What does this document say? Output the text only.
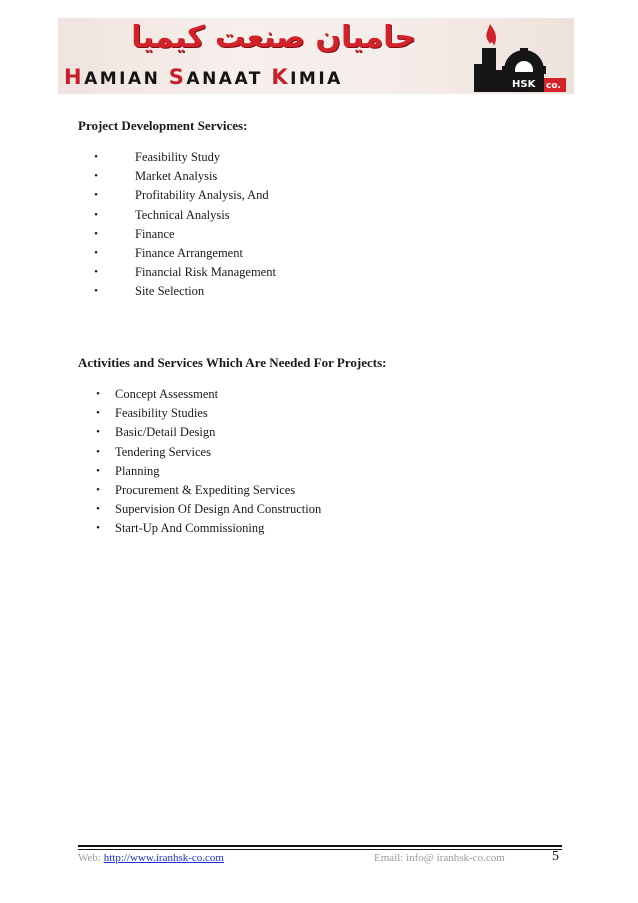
حامیان صنعت کیمیا
HAMIAN SANAAT KIMIA	HSK co.
Project Development Services:
•	Feasibility Study
•	Market Analysis
•	Profitability Analysis, And
•	Technical Analysis
•	Finance
•	Finance Arrangement
•	Financial Risk Management
•	Site Selection
Activities and Services Which Are Needed For Projects:
• Concept Assessment
• Feasibility Studies
• Basic/Detail Design
• Tendering Services
• Planning
• Procurement & Expediting Services
• Supervision Of Design And Construction
• Start-Up And Commissioning
Web: http://www.iranhsk-co.com	Email: info@ iranhsk-co.com	5
